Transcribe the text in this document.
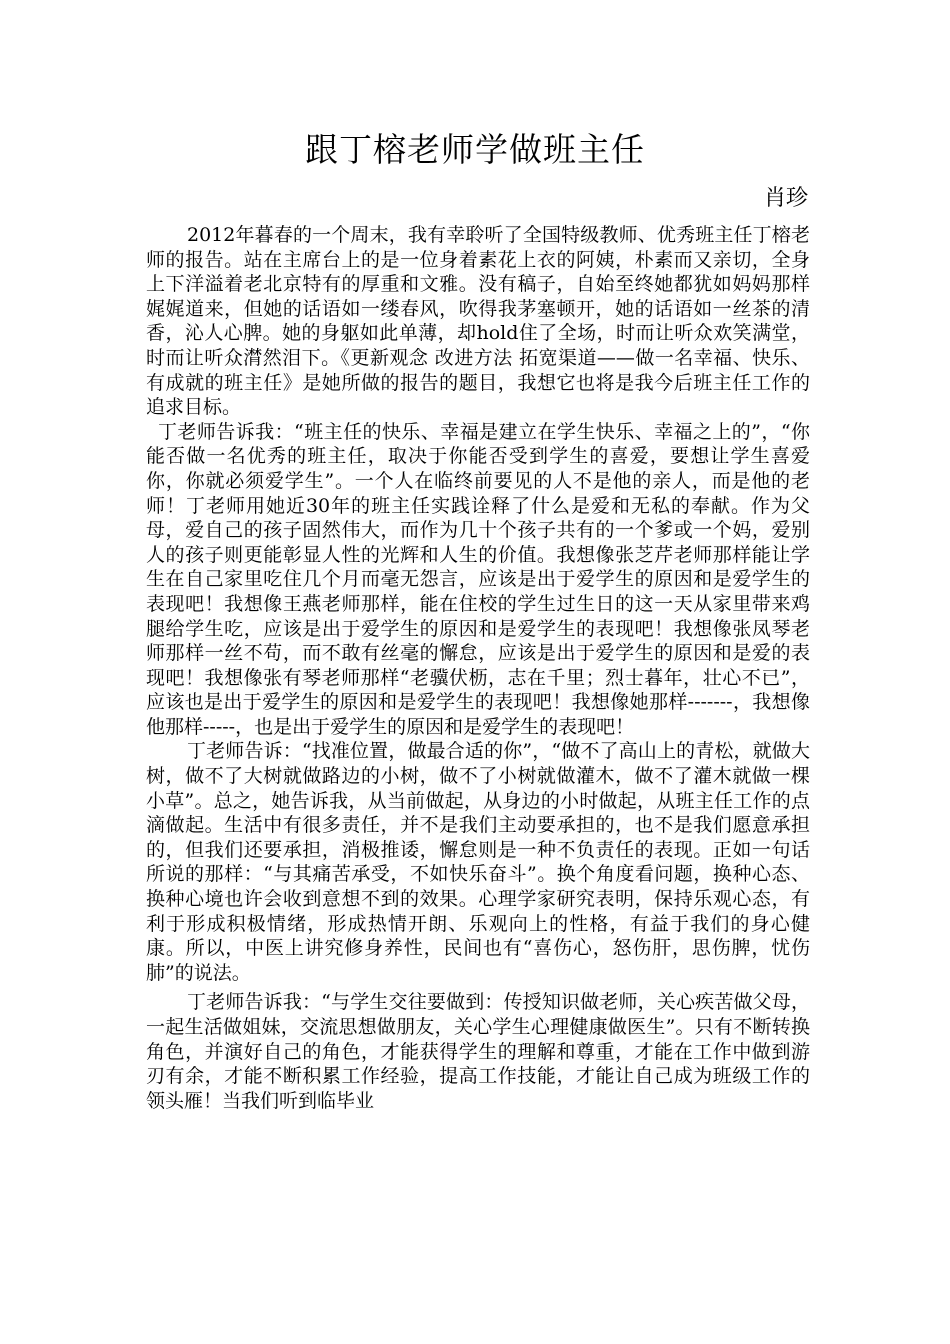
跟丁榕老师学做班主任
肖珍

2012年暮春的一个周末，我有幸聆听了全国特级教师、优秀班主任丁榕老师的报告。站在主席台上的是一位身着素花上衣的阿姨，朴素而又亲切，全身上下洋溢着老北京特有的厚重和文雅。没有稿子，自始至终她都犹如妈妈那样娓娓道来，但她的话语如一缕春风，吹得我茅塞顿开，她的话语如一丝茶的清香，沁人心脾。她的身躯如此单薄，却hold住了全场，时而让听众欢笑满堂，时而让听众潸然泪下。《更新观念 改进方法 拓宽渠道——做一名幸福、快乐、有成就的班主任》是她所做的报告的题目，我想它也将是我今后班主任工作的追求目标。

丁老师告诉我：“班主任的快乐、幸福是建立在学生快乐、幸福之上的”，“你能否做一名优秀的班主任，取决于你能否受到学生的喜爱，要想让学生喜爱你，你就必须爱学生”。一个人在临终前要见的人不是他的亲人，而是他的老师！丁老师用她近30年的班主任实践诠释了什么是爱和无私的奉献。作为父母，爱自己的孩子固然伟大，而作为几十个孩子共有的一个爹或一个妈，爱别人的孩子则更能彰显人性的光辉和人生的价值。我想像张芝芹老师那样能让学生在自己家里吃住几个月而毫无怨言，应该是出于爱学生的原因和是爱学生的表现吧！我想像王燕老师那样，能在住校的学生过生日的这一天从家里带来鸡腿给学生吃，应该是出于爱学生的原因和是爱学生的表现吧！我想像张凤琴老师那样一丝不苟，而不敢有丝毫的懈怠，应该是出于爱学生的原因和是爱的表现吧！我想像张有琴老师那样“老骥伏枥，志在千里；烈士暮年，壮心不已”，应该也是出于爱学生的原因和是爱学生的表现吧！我想像她那样-------，我想像他那样-----，也是出于爱学生的原因和是爱学生的表现吧！

丁老师告诉：“找准位置，做最合适的你”，“做不了高山上的青松，就做大树，做不了大树就做路边的小树，做不了小树就做灌木，做不了灌木就做一棵小草”。总之，她告诉我，从当前做起，从身边的小时做起，从班主任工作的点滴做起。生活中有很多责任，并不是我们主动要承担的，也不是我们愿意承担的，但我们还要承担，消极推诿，懈怠则是一种不负责任的表现。正如一句话所说的那样：“与其痛苦承受，不如快乐奋斗”。换个角度看问题，换种心态、换种心境也许会收到意想不到的效果。心理学家研究表明，保持乐观心态，有利于形成积极情绪，形成热情开朗、乐观向上的性格，有益于我们的身心健康。所以，中医上讲究修身养性，民间也有“喜伤心，怒伤肝，思伤脾，忧伤肺”的说法。

丁老师告诉我：“与学生交往要做到：传授知识做老师，关心疾苦做父母，一起生活做姐妹，交流思想做朋友，关心学生心理健康做医生”。只有不断转换角色，并演好自己的角色，才能获得学生的理解和尊重，才能在工作中做到游刃有余，才能不断积累工作经验，提高工作技能，才能让自己成为班级工作的领头雁！当我们听到临毕业
